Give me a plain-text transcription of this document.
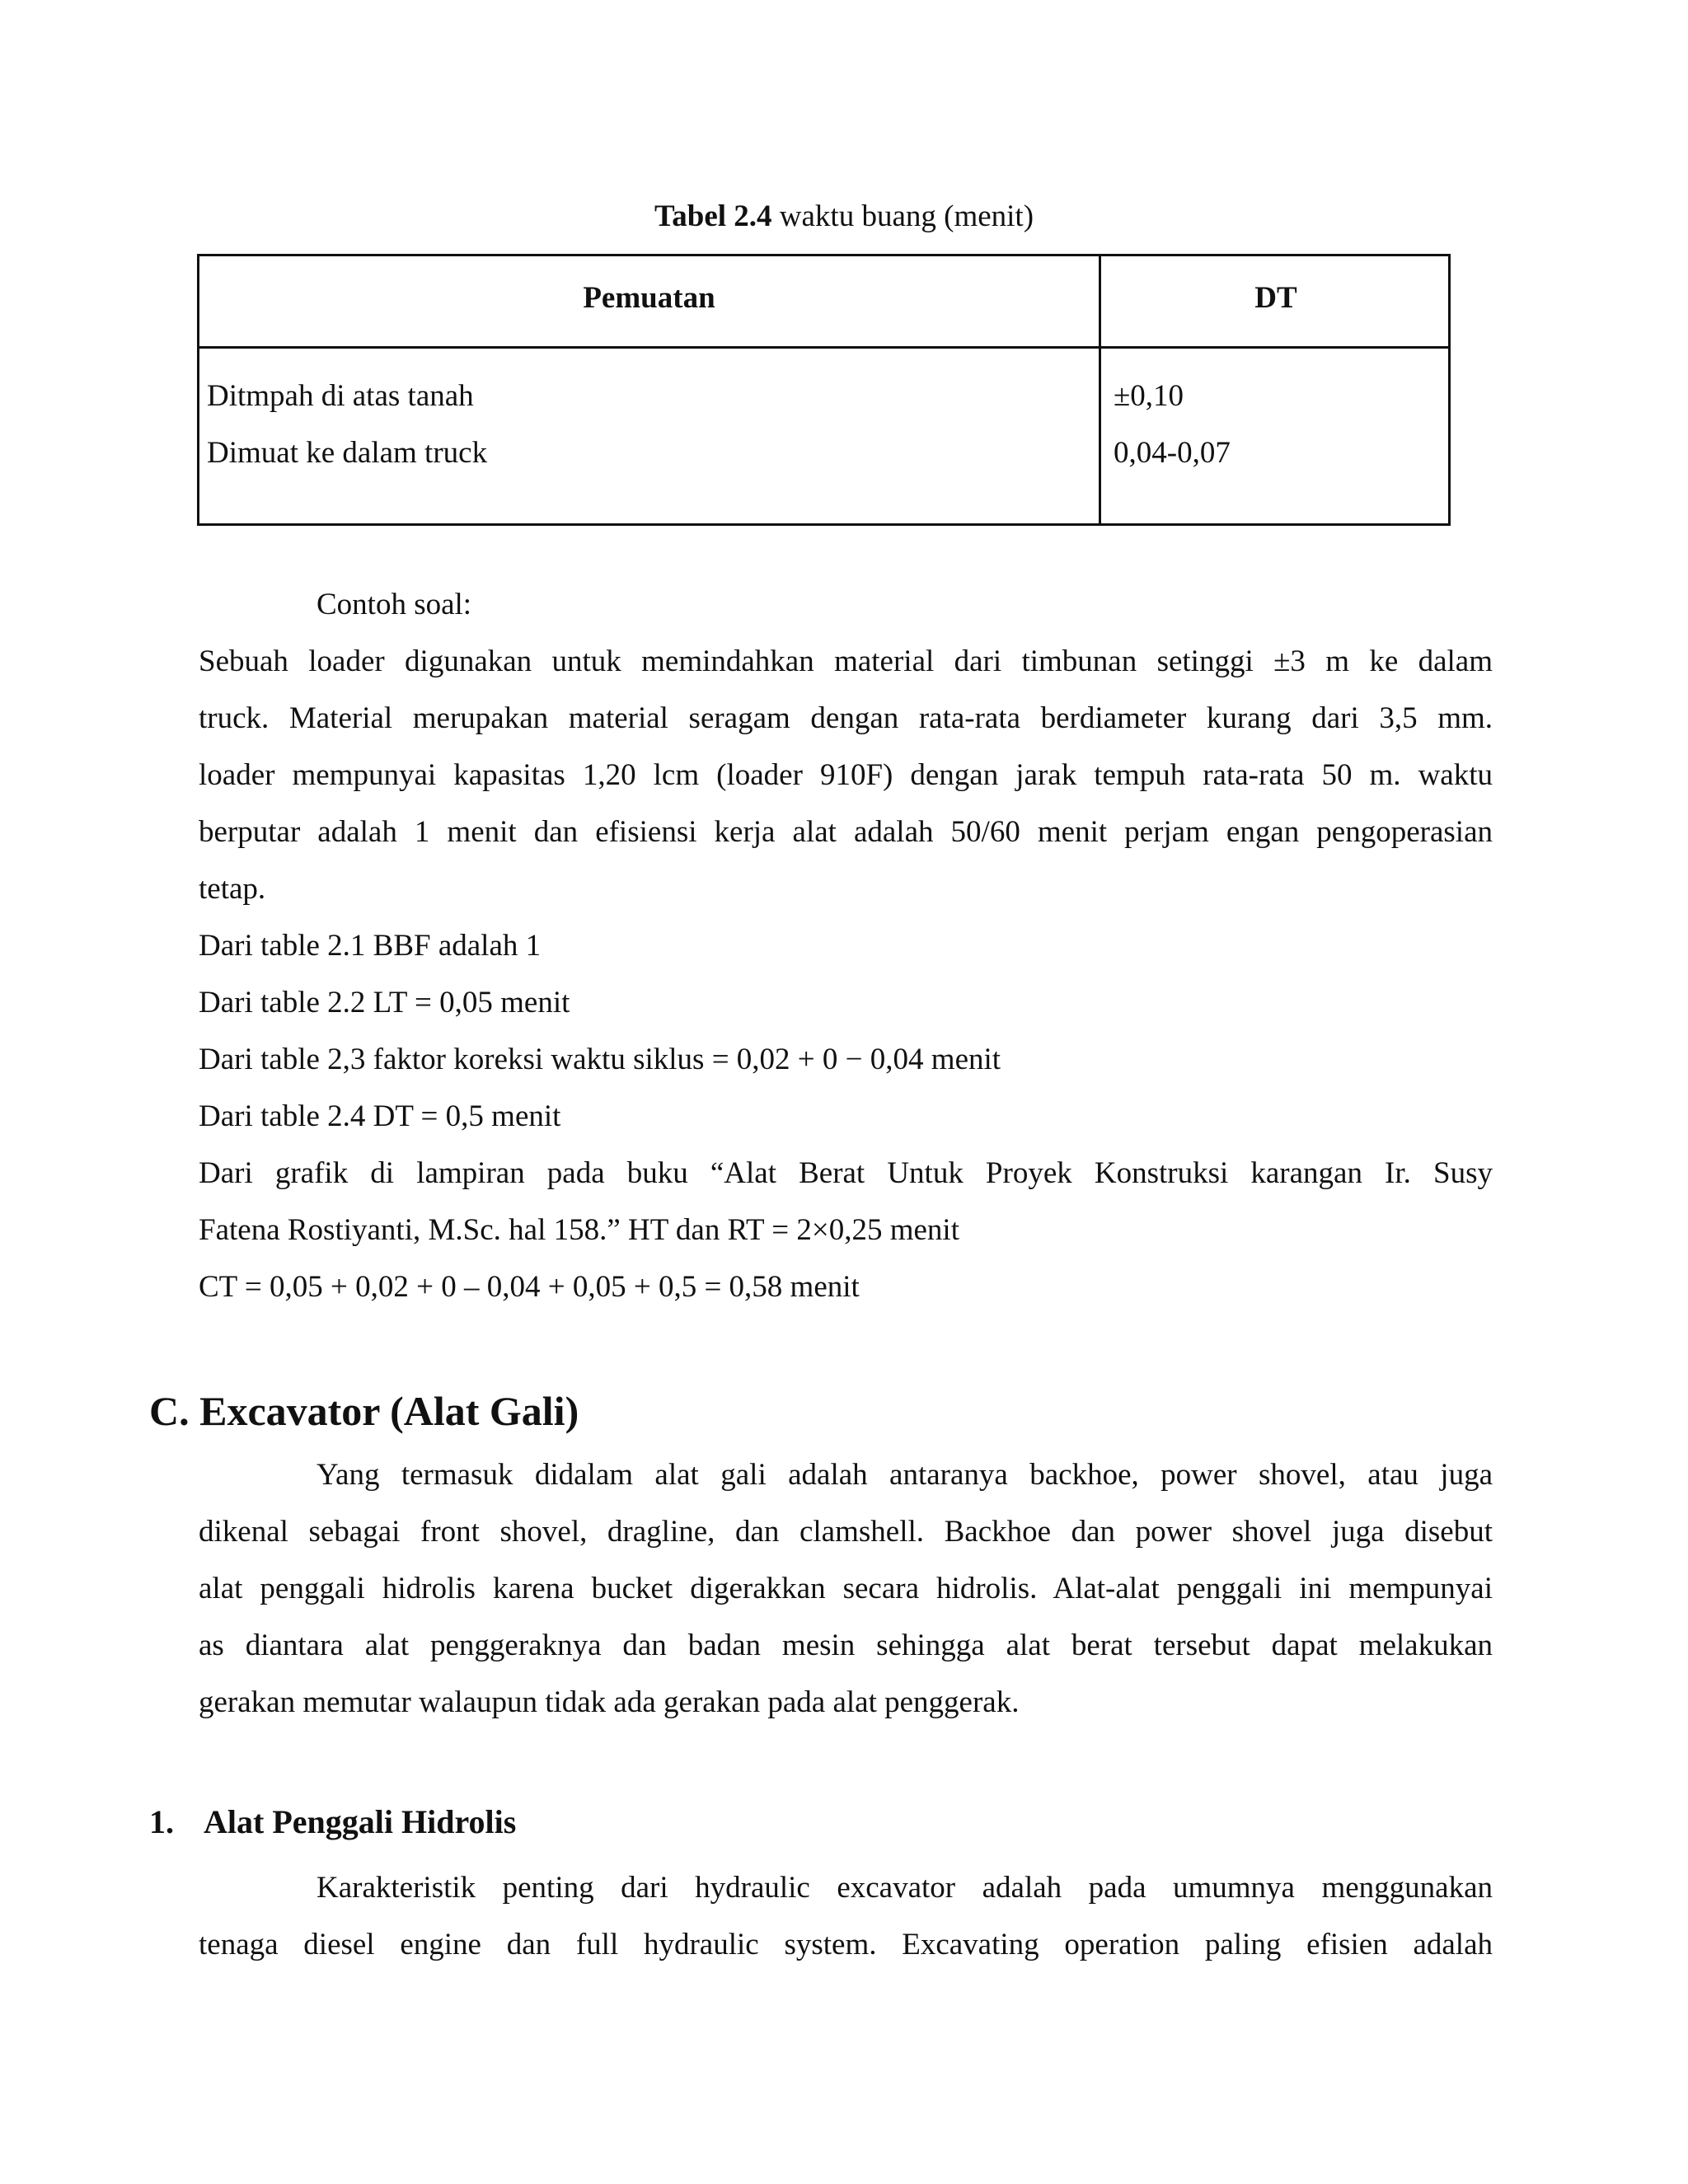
Tabel 2.4 waktu buang (menit)
Pemuatan	DT
Ditmpah di atas tanah	±0,10
Dimuat ke dalam truck	0,04-0,07
Contoh soal:
Sebuah loader digunakan untuk memindahkan material dari timbunan setinggi ±3 m ke dalam
truck. Material merupakan material seragam dengan rata-rata berdiameter kurang dari 3,5 mm.
loader mempunyai kapasitas 1,20 lcm (loader 910F) dengan jarak tempuh rata-rata 50 m. waktu
berputar adalah 1 menit dan efisiensi kerja alat adalah 50/60 menit perjam engan pengoperasian
tetap.
Dari table 2.1 BBF adalah 1
Dari table 2.2 LT = 0,05 menit
Dari table 2,3 faktor koreksi waktu siklus = 0,02 + 0 − 0,04 menit
Dari table 2.4 DT = 0,5 menit
Dari grafik di lampiran pada buku “Alat Berat Untuk Proyek Konstruksi karangan Ir. Susy
Fatena Rostiyanti, M.Sc. hal 158.” HT dan RT = 2×0,25 menit
CT = 0,05 + 0,02 + 0 – 0,04 + 0,05 + 0,5 = 0,58 menit
C. Excavator (Alat Gali)
Yang termasuk didalam alat gali adalah antaranya backhoe, power shovel, atau juga
dikenal sebagai front shovel, dragline, dan clamshell. Backhoe dan power shovel juga disebut
alat penggali hidrolis karena bucket digerakkan secara hidrolis. Alat-alat penggali ini mempunyai
as diantara alat penggeraknya dan badan mesin sehingga alat berat tersebut dapat melakukan
gerakan memutar walaupun tidak ada gerakan pada alat penggerak.
1. Alat Penggali Hidrolis
Karakteristik penting dari hydraulic excavator adalah pada umumnya menggunakan
tenaga diesel engine dan full hydraulic system. Excavating operation paling efisien adalah
